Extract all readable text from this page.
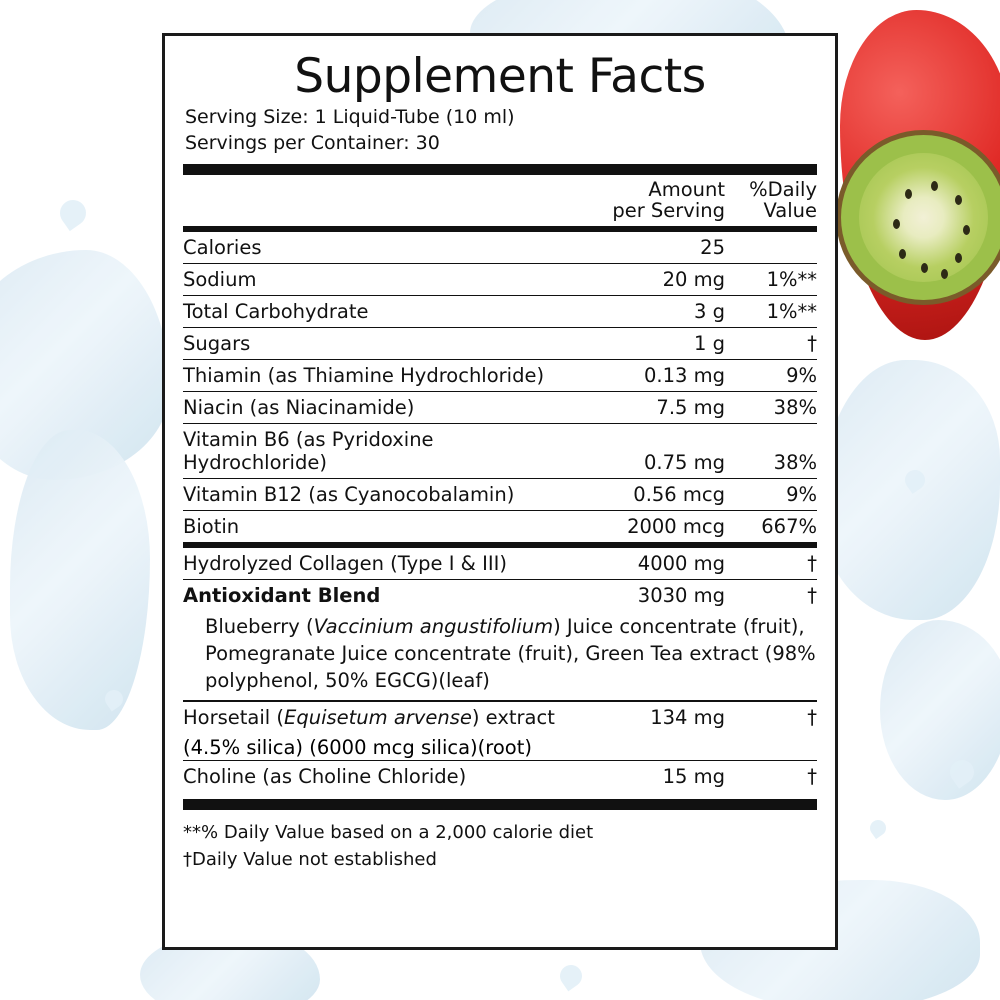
Supplement Facts
Serving Size: 1 Liquid-Tube (10 ml)
Servings per Container: 30

Amount
per Serving

%Daily
Value
Calories	25	
Sodium	20 mg	1%**
Total Carbohydrate	3 g	1%**
Sugars	1 g	†
Thiamin (as Thiamine Hydrochloride)	0.13 mg	9%
Niacin (as Niacinamide)	7.5 mg	38%
Vitamin B6 (as Pyridoxine Hydrochloride)	0.75 mg	38%
Vitamin B12 (as Cyanocobalamin)	0.56 mcg	9%
Biotin	2000 mcg	667%
Hydrolyzed Collagen (Type I & III)	4000 mg	†
Antioxidant Blend	3030 mg	†
Blueberry (Vaccinium angustifolium) Juice concentrate (fruit), Pomegranate Juice concentrate (fruit), Green Tea extract (98% polyphenol, 50% EGCG)(leaf)
Horsetail (Equisetum arvense) extract	134 mg	†
(4.5% silica) (6000 mcg silica)(root)
Choline (as Choline Chloride)	15 mg	†
**% Daily Value based on a 2,000 calorie diet
†Daily Value not established
